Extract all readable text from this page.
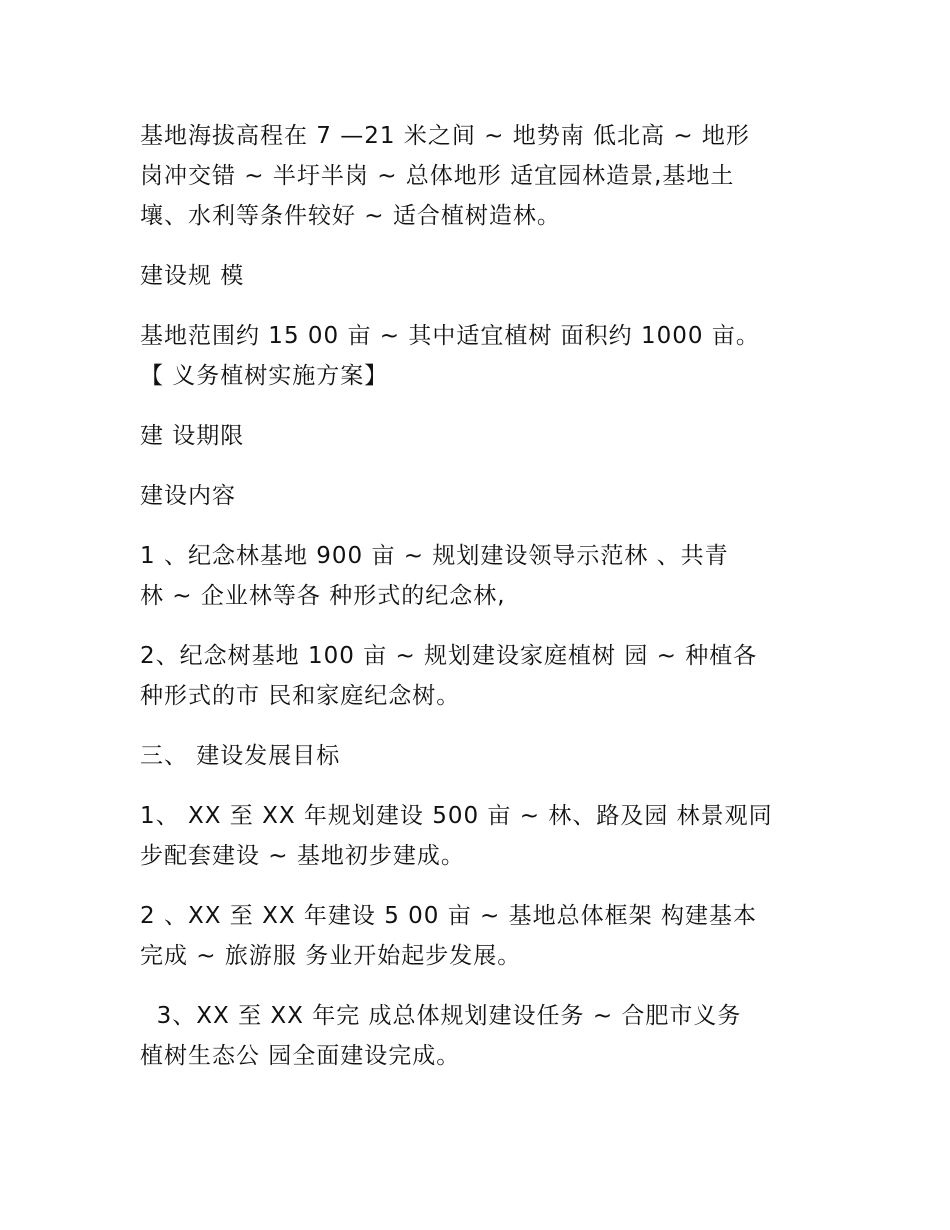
基地海拔高程在 7 —21 米之间 ~ 地势南 低北高 ~ 地形
岗冲交错 ~ 半圩半岗 ~ 总体地形 适宜园林造景,基地土
壤、水利等条件较好 ~ 适合植树造林。

建设规 模

基地范围约 15 00 亩 ~ 其中适宜植树 面积约 1000 亩。
【 义务植树实施方案】

建 设期限

建设内容

1 、纪念林基地 900 亩 ~ 规划建设领导示范林 、共青
林 ~ 企业林等各 种形式的纪念林,

2、纪念树基地 100 亩 ~ 规划建设家庭植树 园 ~ 种植各
种形式的市 民和家庭纪念树。

三、 建设发展目标

1、 XX 至 XX 年规划建设 500 亩 ~ 林、路及园 林景观同
步配套建设 ~ 基地初步建成。

2 、XX 至 XX 年建设 5 00 亩 ~ 基地总体框架 构建基本
完成 ~ 旅游服 务业开始起步发展。

3、XX 至 XX 年完 成总体规划建设任务 ~ 合肥市义务
植树生态公 园全面建设完成。
